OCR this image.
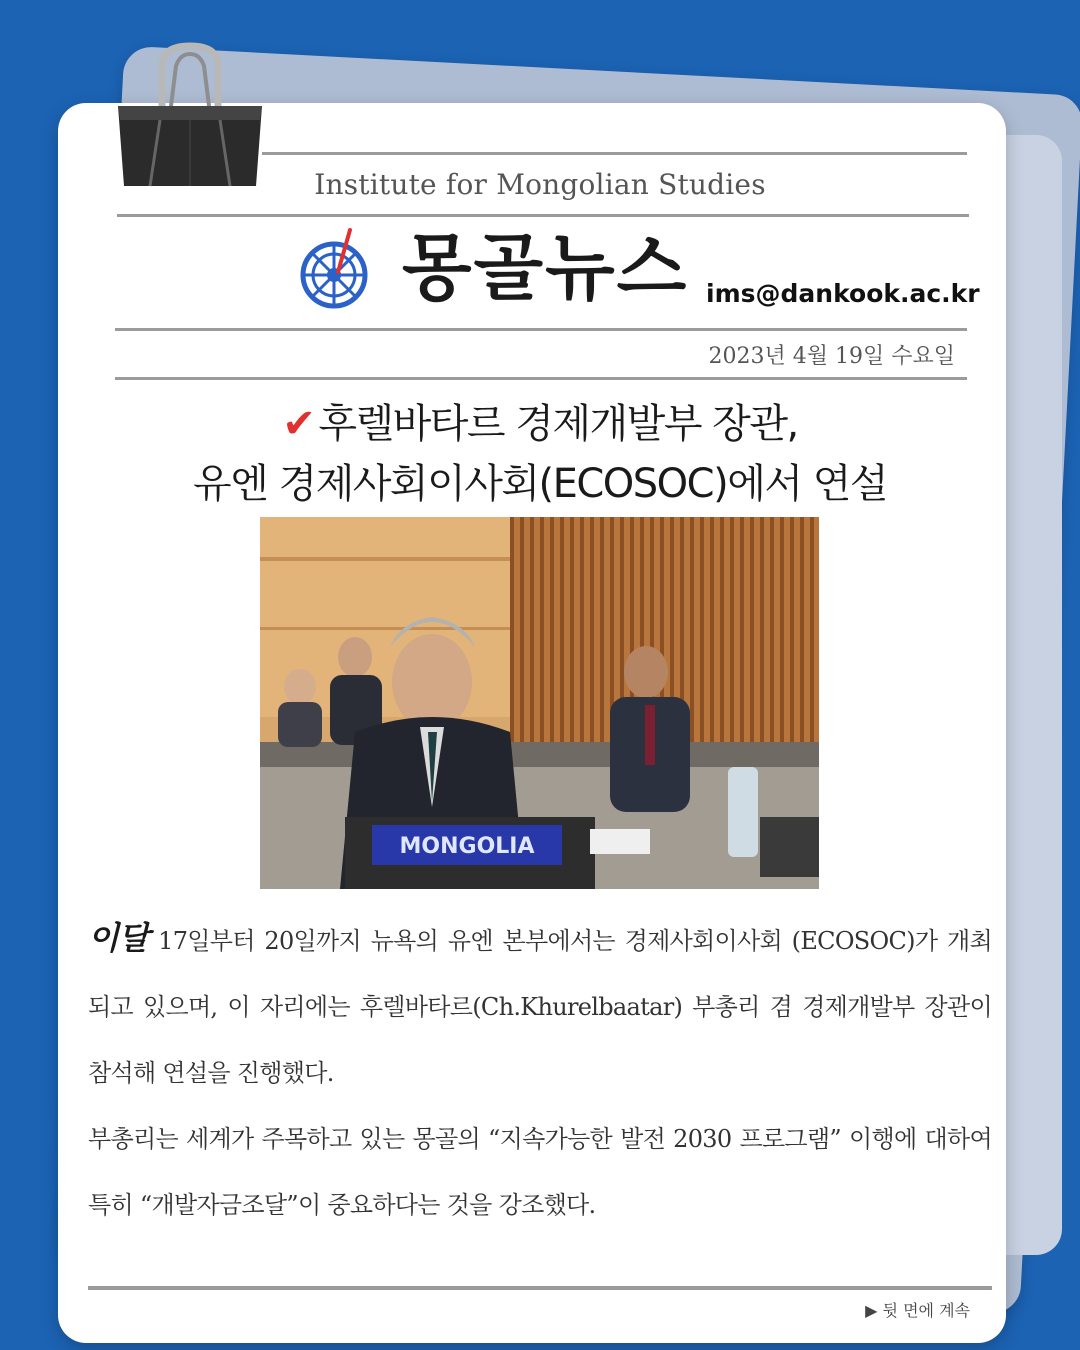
Institute for Mongolian Studies
몽골뉴스 ims@dankook.ac.kr
2023년 4월 19일 수요일
✔ 후렐바타르 경제개발부 장관,
유엔 경제사회이사회(ECOSOC)에서 연설
MONGOLIA

이달 17일부터 20일까지 뉴욕의 유엔 본부에서는 경제사회이사회 (ECOSOC)가 개최되고 있으며, 이 자리에는 후렐바타르(Ch.Khurelbaatar) 부총리 겸 경제개발부 장관이 참석해 연설을 진행했다.

부총리는 세계가 주목하고 있는 몽골의 “지속가능한 발전 2030 프로그램” 이행에 대하여 특히 “개발자금조달”이 중요하다는 것을 강조했다.

▶ 뒷 면에 계속
